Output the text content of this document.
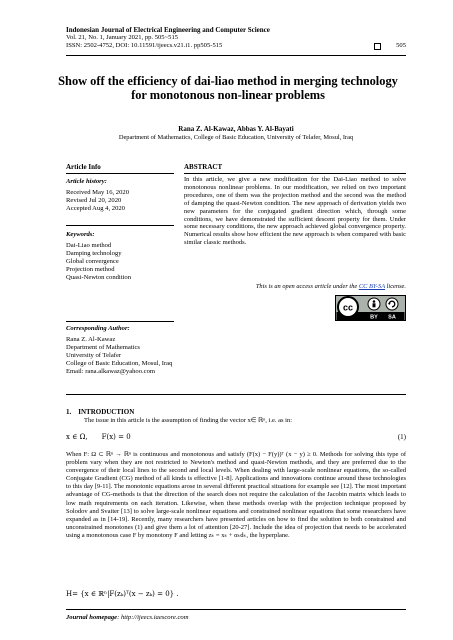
Indonesian Journal of Electrical Engineering and Computer Science
Vol. 21, No. 1, January 2021, pp. 505~515
ISSN: 2502-4752, DOI: 10.11591/ijeecs.v21.i1. pp505-515	505
Show off the efficiency of dai-liao method in merging technology for monotonous non-linear problems
Rana Z. Al-Kawaz, Abbas Y. Al-Bayati
Department of Mathematics, College of Basic Education, University of Telafer, Mosul, Iraq
Article Info	ABSTRACT
Article history:
Received May 16, 2020
Revised Jul 20, 2020
Accepted Aug 4, 2020
Keywords:
Dai-Liao method
Damping technology
Global convergence
Projection method
Quasi-Newton condition
In this article, we give a new modification for the Dai-Liao method to solve monotonous nonlinear problems. In our modification, we relied on two important procedures, one of them was the projection method and the second was the method of damping the quasi-Newton condition. The new approach of derivation yields two new parameters for the conjugated gradient direction which, through some conditions, we have demonstrated the sufficient descent property for them. Under some necessary conditions, the new approach achieved global convergence property. Numerical results show how efficient the new approach is when compared with basic similar classic methods.
This is an open access article under the CC BY-SA license.
cc
BY SA
Corresponding Author:
Rana Z. Al-Kawaz
Department of Mathematics
University of Telafer
College of Basic Education, Mosul, Iraq
Email: rana.alkawaz@yahoo.com
1.    INTRODUCTION
The issue in this article is the assumption of finding the vector x∈ ℝⁿ, i.e. as in:
x ∈ Ω,  F(x) = 0	(1)
When F: Ω ⊂ ℝⁿ → ℝⁿ is continuous and monotonous and satisfy (F(x) − F(y))ᵀ (x − y) ≥ 0. Methods for solving this type of problem vary when they are not restricted to Newton's method and quasi-Newton methods, and they are preferred due to the convergence of their local lines to the second and local levels. When dealing with large-scale nonlinear equations, the so-called Conjugate Gradient (CG) method of all kinds is effective [1-8]. Applications and innovations continue around these technologies to this day [9-11]. The monotonic equations arose in several different practical situations for example see [12]. The most important advantage of CG-methods is that the direction of the search does not require the calculation of the Jacobin matrix which leads to low math requirements on each iteration. Likewise, when these methods overlap with the projection technique proposed by Solodov and Svaiter [13] to solve large-scale nonlinear equations and constrained nonlinear equations that some researchers have expanded as in [14-19]. Recently, many researchers have presented articles on how to find the solution to both constrained and unconstrained monotones (1) and give them a lot of attention [20-27]. Include the idea of projection that needs to be accelerated using a monotonous case F by monotony F and letting zₖ = xₖ + αₖdₖ, the hyperplane.
H= {x ∈ ℝⁿ|F(zₖ)ᵀ(x − zₖ) = 0} .
Journal homepage: http://ijeecs.iaescore.com
